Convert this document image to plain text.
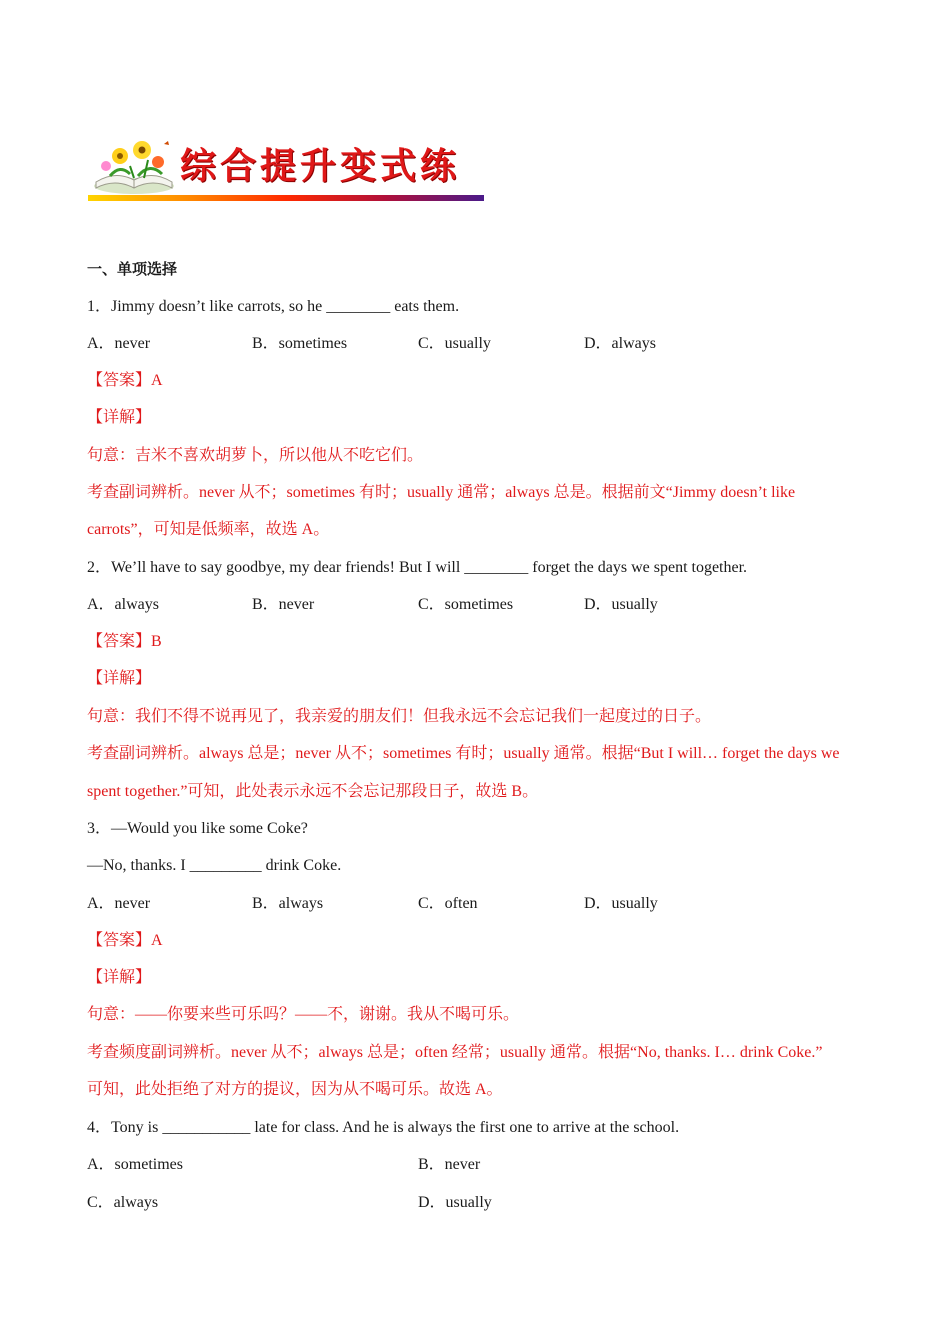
综合提升变式练
一、单项选择
1．Jimmy doesn’t like carrots, so he ________ eats them.
A．never	B．sometimes	C．usually	D．always
【答案】A
【详解】
句意：吉米不喜欢胡萝卜，所以他从不吃它们。
考查副词辨析。never 从不；sometimes 有时；usually 通常；always 总是。根据前文“Jimmy doesn’t like
carrots”，可知是低频率，故选 A。
2．We’ll have to say goodbye, my dear friends! But I will ________ forget the days we spent together.
A．always	B．never	C．sometimes	D．usually
【答案】B
【详解】
句意：我们不得不说再见了，我亲爱的朋友们！但我永远不会忘记我们一起度过的日子。
考查副词辨析。always 总是；never 从不；sometimes 有时；usually 通常。根据“But I will… forget the days we
spent together.”可知，此处表示永远不会忘记那段日子，故选 B。
3．—Would you like some Coke?
—No, thanks. I _________ drink Coke.
A．never	B．always	C．often	D．usually
【答案】A
【详解】
句意：——你要来些可乐吗？——不，谢谢。我从不喝可乐。
考查频度副词辨析。never 从不；always 总是；often 经常；usually 通常。根据“No, thanks. I… drink Coke.”
可知，此处拒绝了对方的提议，因为从不喝可乐。故选 A。
4．Tony is ___________ late for class. And he is always the first one to arrive at the school.
A．sometimes	B．never
C．always	D．usually
